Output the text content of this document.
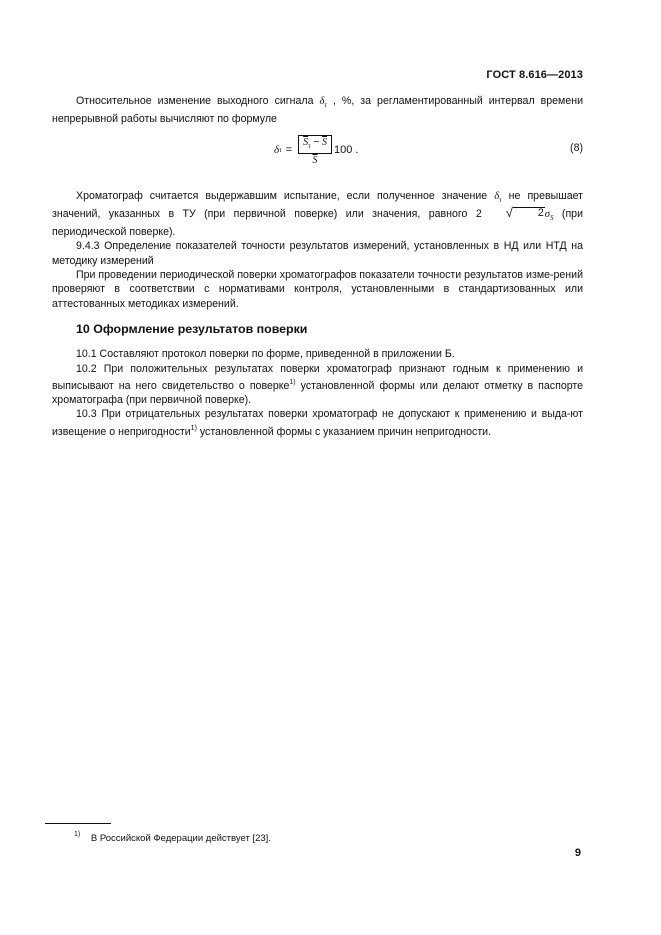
ГОСТ 8.616—2013

Относительное изменение выходного сигнала $\delta_\tau$ , %, за регламентированный интервал времени непрерывной работы вычисляют по формуле

δ $\tau = \frac{\overline{S}_\tau - \overline{S}}{S} 100$ .	(8)

Хроматограф считается выдержавшим испытание, если полученное значение $\delta_\tau$ не превышает значений, указанных в ТУ (при первичной поверке) или значения, равного 2	√	2 $\sigma_S$ (при периодической поверке).

9.4.3 Определение показателей точности результатов измерений, установленных в НД или НТД на методику измерений

При проведении периодической поверки хроматографов показатели точности результатов изме-рений проверяют в соответствии с нормативами контроля, установленными в стандартизованных или аттестованных методиках измерений.

10 Оформление результатов поверки

10.1 Составляют протокол поверки по форме, приведенной в приложении Б.

10.2 При положительных результатах поверки хроматограф признают годным к применению и выписывают на него свидетельство о поверке$^{1)}$ установленной формы или делают отметку в паспорте хроматографа (при первичной поверке).

10.3 При отрицательных результатах поверки хроматограф не допускают к применению и выда-ют извещение о непригодности$^{1)}$ установленной формы с указанием причин непригодности.

$^{1)}$ В Российской Федерации действует [23].
9
